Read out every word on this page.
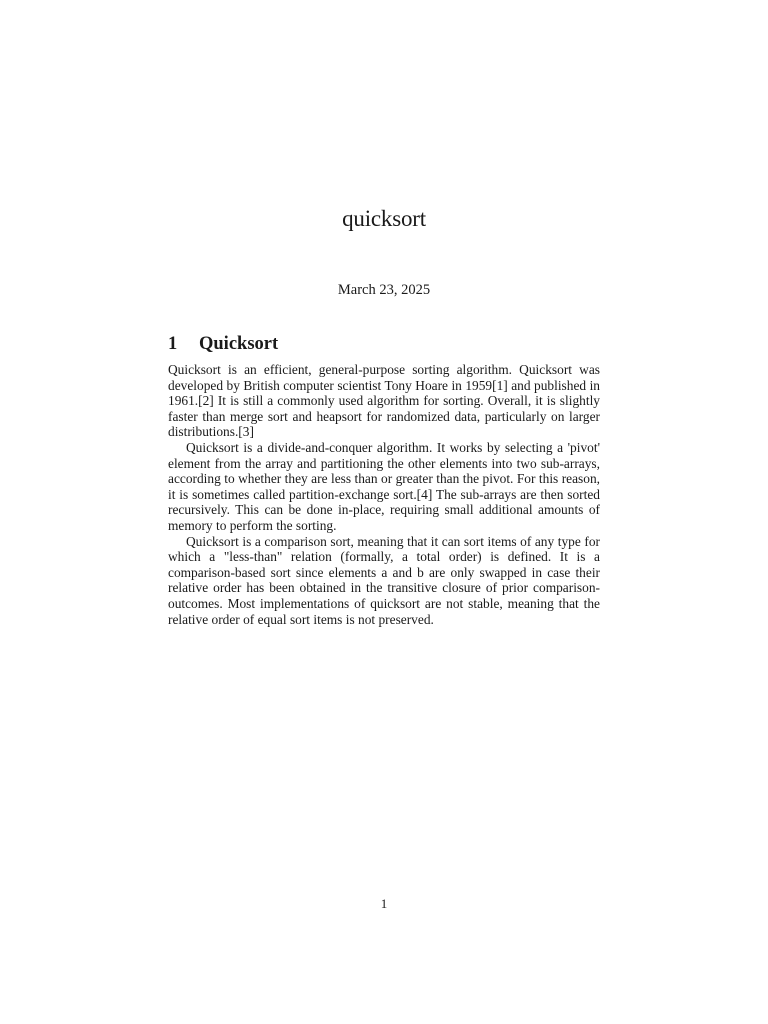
quicksort
March 23, 2025
1 Quicksort

Quicksort is an efficient, general-purpose sorting algorithm. Quicksort was developed by British computer scientist Tony Hoare in 1959[1] and published in 1961.[2] It is still a commonly used algorithm for sorting. Overall, it is slightly faster than merge sort and heapsort for randomized data, particularly on larger distributions.[3]

Quicksort is a divide-and-conquer algorithm. It works by selecting a 'pivot' element from the array and partitioning the other elements into two sub-arrays, according to whether they are less than or greater than the pivot. For this reason, it is sometimes called partition-exchange sort.[4] The sub-arrays are then sorted recursively. This can be done in-place, requiring small additional amounts of memory to perform the sorting.

Quicksort is a comparison sort, meaning that it can sort items of any type for which a "less-than" relation (formally, a total order) is defined. It is a comparison-based sort since elements a and b are only swapped in case their relative order has been obtained in the transitive closure of prior comparison-outcomes. Most implementations of quicksort are not stable, meaning that the relative order of equal sort items is not preserved.

1
